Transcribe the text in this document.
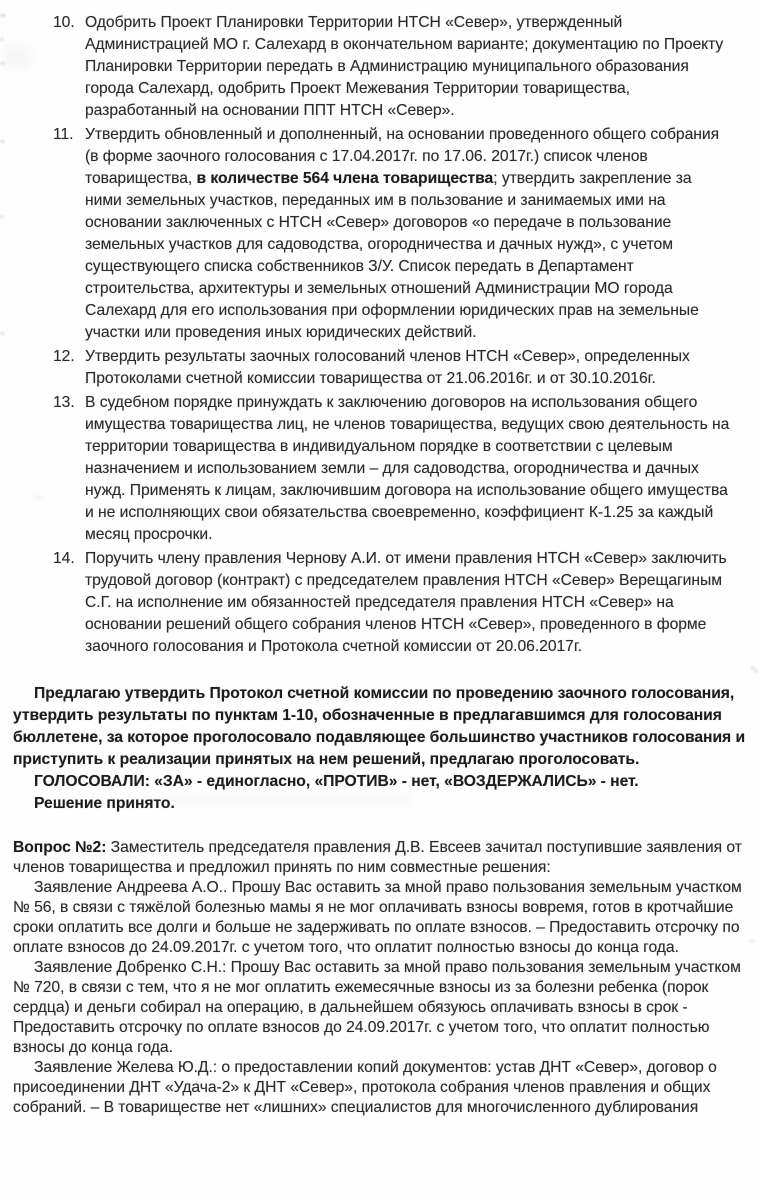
10. Одобрить Проект Планировки Территории НТСН «Север», утвержденный Администрацией МО г. Салехард в окончательном варианте; документацию по Проекту Планировки Территории передать в Администрацию муниципального образования города Салехард, одобрить Проект Межевания Территории товарищества, разработанный на основании ППТ НТСН «Север».
11. Утвердить обновленный и дополненный, на основании проведенного общего собрания (в форме заочного голосования с 17.04.2017г. по 17.06. 2017г.) список членов товарищества, в количестве 564 члена товарищества; утвердить закрепление за ними земельных участков, переданных им в пользование и занимаемых ими на основании заключенных с НТСН «Север» договоров «о передаче в пользование земельных участков для садоводства, огородничества и дачных нужд», с учетом существующего списка собственников З/У. Список передать в Департамент строительства, архитектуры и земельных отношений Администрации МО города Салехард для его использования при оформлении юридических прав на земельные участки или проведения иных юридических действий.
12. Утвердить результаты заочных голосований членов НТСН «Север», определенных Протоколами счетной комиссии товарищества от 21.06.2016г. и от 30.10.2016г.
13. В судебном порядке принуждать к заключению договоров на использования общего имущества товарищества лиц, не членов товарищества, ведущих свою деятельность на территории товарищества в индивидуальном порядке в соответствии с целевым назначением и использованием земли – для садоводства, огородничества и дачных нужд. Применять к лицам, заключившим договора на использование общего имущества и не исполняющих свои обязательства своевременно, коэффициент К-1.25 за каждый месяц просрочки.
14. Поручить члену правления Чернову А.И. от имени правления НТСН «Север» заключить трудовой договор (контракт) с председателем правления НТСН «Север» Верещагиным С.Г. на исполнение им обязанностей председателя правления НТСН «Север» на основании решений общего собрания членов НТСН «Север», проведенного в форме заочного голосования и Протокола счетной комиссии от 20.06.2017г.

Предлагаю утвердить Протокол счетной комиссии по проведению заочного голосования, утвердить результаты по пунктам 1-10, обозначенные в предлагавшимся для голосования бюллетене, за которое проголосовало подавляющее большинство участников голосования и приступить к реализации принятых на нем решений, предлагаю проголосовать.

ГОЛОСОВАЛИ: «ЗА» - единогласно, «ПРОТИВ» - нет, «ВОЗДЕРЖАЛИСЬ» - нет.

Решение принято.

Вопрос №2: Заместитель председателя правления Д.В. Евсеев зачитал поступившие заявления от членов товарищества и предложил принять по ним совместные решения:

Заявление Андреева А.О.. Прошу Вас оставить за мной право пользования земельным участком № 56, в связи с тяжёлой болезнью мамы я не мог оплачивать взносы вовремя, готов в кротчайшие сроки оплатить все долги и больше не задерживать по оплате взносов. – Предоставить отсрочку по оплате взносов до 24.09.2017г. с учетом того, что оплатит полностью взносы до конца года.

Заявление Добренко С.Н.: Прошу Вас оставить за мной право пользования земельным участком № 720, в связи с тем, что я не мог оплатить ежемесячные взносы из за болезни ребенка (порок сердца) и деньги собирал на операцию, в дальнейшем обязуюсь оплачивать взносы в срок - Предоставить отсрочку по оплате взносов до 24.09.2017г. с учетом того, что оплатит полностью взносы до конца года.

Заявление Желева Ю.Д.: о предоставлении копий документов: устав ДНТ «Север», договор о присоединении ДНТ «Удача-2» к ДНТ «Север», протокола собрания членов правления и общих собраний. – В товариществе нет «лишних» специалистов для многочисленного дублирования
